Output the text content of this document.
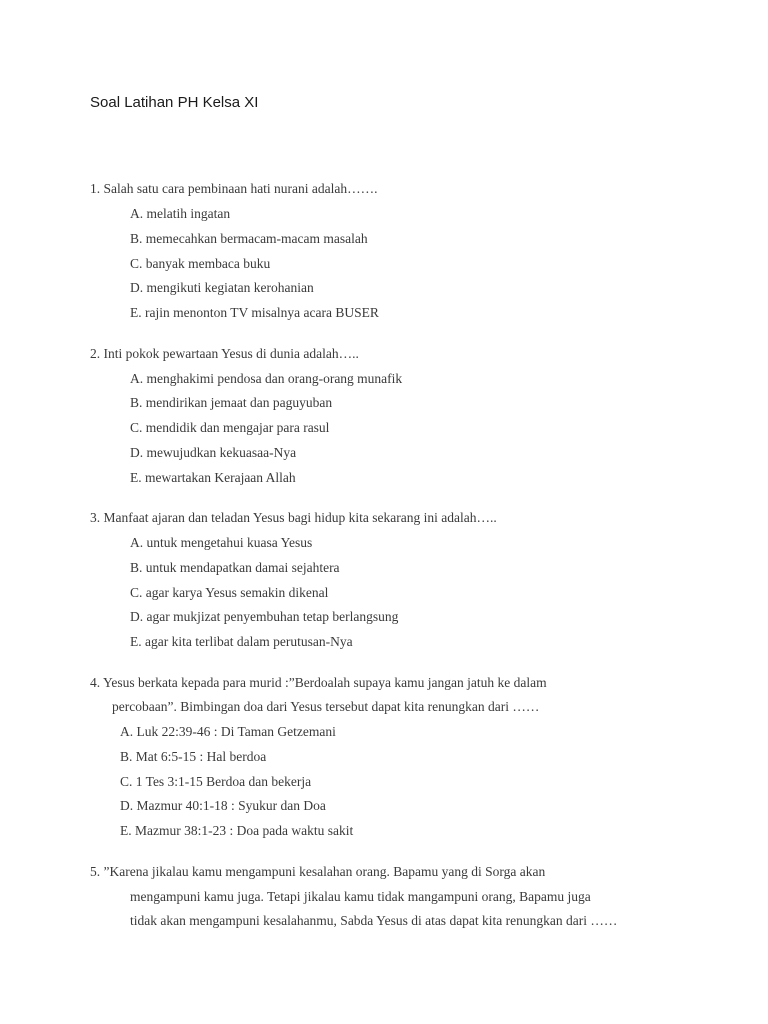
Soal Latihan PH Kelsa XI
1. Salah satu cara pembinaan hati nurani adalah…….
A. melatih ingatan
B. memecahkan bermacam-macam masalah
C. banyak membaca buku
D. mengikuti kegiatan kerohanian
E. rajin menonton TV misalnya acara BUSER
2. Inti pokok pewartaan Yesus di dunia adalah…..
A. menghakimi pendosa dan orang-orang munafik
B. mendirikan jemaat dan paguyuban
C. mendidik dan mengajar para rasul
D. mewujudkan kekuasaa-Nya
E. mewartakan Kerajaan Allah
3. Manfaat ajaran dan teladan Yesus bagi hidup kita sekarang ini adalah…..
A. untuk mengetahui kuasa Yesus
B. untuk mendapatkan damai sejahtera
C. agar karya Yesus semakin dikenal
D. agar mukjizat penyembuhan tetap berlangsung
E. agar kita terlibat dalam perutusan-Nya
4. Yesus berkata kepada para murid :”Berdoalah supaya kamu jangan jatuh ke dalam
percobaan”. Bimbingan doa dari Yesus tersebut dapat kita renungkan dari ……
A. Luk 22:39-46 : Di Taman Getzemani
B. Mat 6:5-15 : Hal berdoa
C. 1 Tes 3:1-15 Berdoa dan bekerja
D. Mazmur 40:1-18 : Syukur dan Doa
E. Mazmur 38:1-23 : Doa pada waktu sakit
5. ”Karena jikalau kamu mengampuni kesalahan orang. Bapamu yang di Sorga akan
mengampuni kamu juga. Tetapi jikalau kamu tidak mangampuni orang, Bapamu juga
tidak akan mengampuni kesalahanmu, Sabda Yesus di atas dapat kita renungkan dari ……
